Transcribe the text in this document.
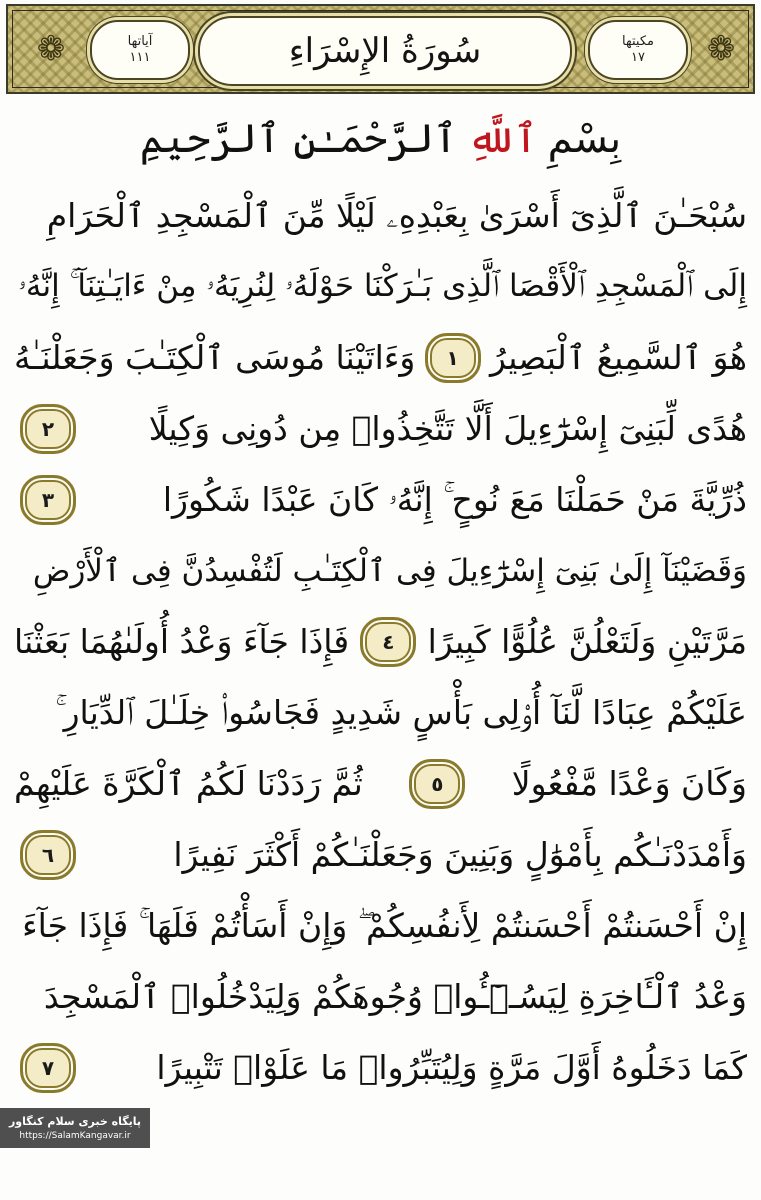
❁	آياتها
١١١	سُورَةُ الإِسْرَاءِ	مكيتها
١٧ ❁
بِسْمِ
ٱللَّهِ
ٱلرَّحْمَـٰنِ ٱلرَّحِيمِ
سُبْحَـٰنَ ٱلَّذِىٓ أَسْرَىٰ بِعَبْدِهِۦ لَيْلًا مِّنَ ٱلْمَسْجِدِ ٱلْحَرَامِ
إِلَى ٱلْمَسْجِدِ ٱلْأَقْصَا ٱلَّذِى بَـٰرَكْنَا حَوْلَهُۥ لِنُرِيَهُۥ مِنْ ءَايَـٰتِنَآ ۚ إِنَّهُۥ
هُوَ ٱلسَّمِيعُ ٱلْبَصِيرُ
١
وَءَاتَيْنَا مُوسَى ٱلْكِتَـٰبَ وَجَعَلْنَـٰهُ
هُدًى لِّبَنِىٓ إِسْرَٰٓءِيلَ أَلَّا تَتَّخِذُوا۟ مِن دُونِى وَكِيلًا
٢
ذُرِّيَّةَ مَنْ حَمَلْنَا مَعَ نُوحٍ ۚ إِنَّهُۥ كَانَ عَبْدًا شَكُورًا
٣
وَقَضَيْنَآ إِلَىٰ بَنِىٓ إِسْرَٰٓءِيلَ فِى ٱلْكِتَـٰبِ لَتُفْسِدُنَّ فِى ٱلْأَرْضِ
مَرَّتَيْنِ وَلَتَعْلُنَّ عُلُوًّا كَبِيرًا
٤
فَإِذَا جَآءَ وَعْدُ أُولَىٰهُمَا بَعَثْنَا
عَلَيْكُمْ عِبَادًا لَّنَآ أُو۟لِى بَأْسٍ شَدِيدٍ فَجَاسُوا۟ خِلَـٰلَ ٱلدِّيَارِ ۚ
وَكَانَ وَعْدًا مَّفْعُولًا
٥
ثُمَّ رَدَدْنَا لَكُمُ ٱلْكَرَّةَ عَلَيْهِمْ
وَأَمْدَدْنَـٰكُم بِأَمْوَٰلٍ وَبَنِينَ وَجَعَلْنَـٰكُمْ أَكْثَرَ نَفِيرًا
٦
إِنْ أَحْسَنتُمْ أَحْسَنتُمْ لِأَنفُسِكُمْ ۖ وَإِنْ أَسَأْتُمْ فَلَهَا ۚ فَإِذَا جَآءَ
وَعْدُ ٱلْـَٔاخِرَةِ لِيَسُـۥٓـُٔوا۟ وُجُوهَكُمْ وَلِيَدْخُلُوا۟ ٱلْمَسْجِدَ
كَمَا دَخَلُوهُ أَوَّلَ مَرَّةٍ وَلِيُتَبِّرُوا۟ مَا عَلَوْا۟ تَتْبِيرًا
٧
پایگاه خبری سلام کنگاور
https://SalamKangavar.ir
